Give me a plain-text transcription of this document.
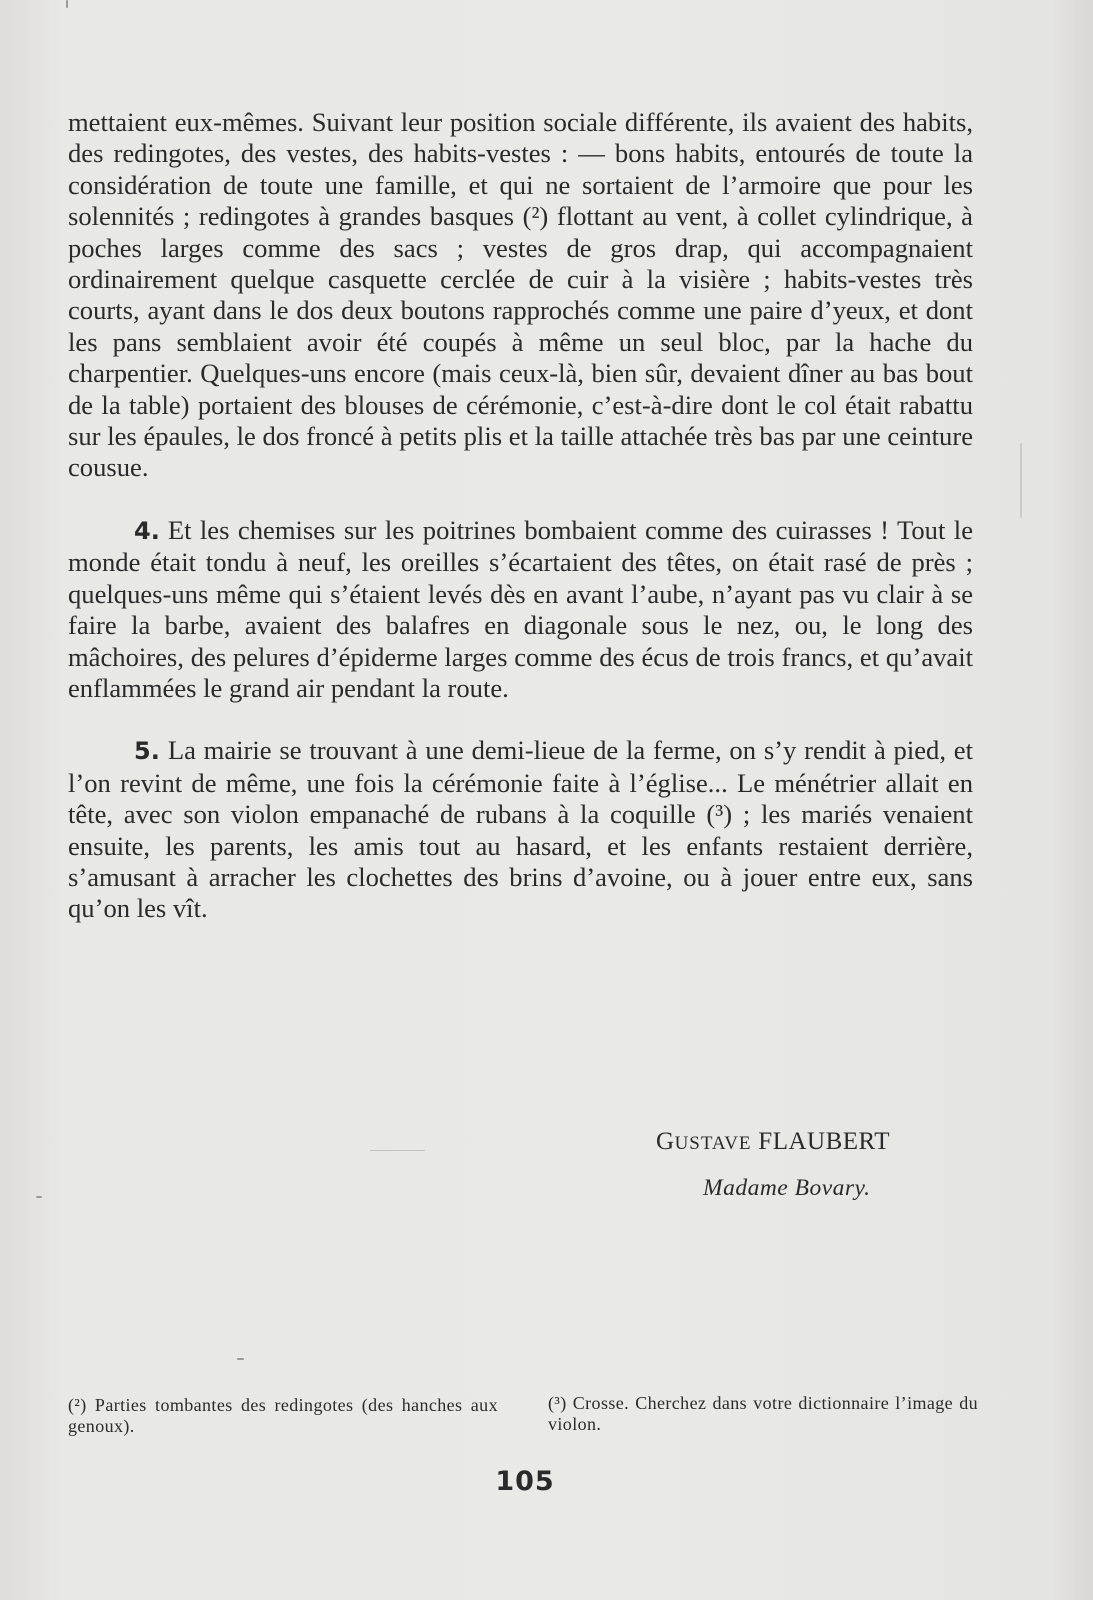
mettaient eux-mêmes. Suivant leur position sociale différente, ils avaient des habits, des redingotes, des vestes, des habits-vestes : — bons habits, entourés de toute la considération de toute une famille, et qui ne sortaient de l’armoire que pour les solennités ; redingotes à grandes basques (²) flottant au vent, à collet cylindrique, à poches larges comme des sacs ; vestes de gros drap, qui accompagnaient ordinairement quelque casquette cerclée de cuir à la visière ; habits-vestes très courts, ayant dans le dos deux boutons rapprochés comme une paire d’yeux, et dont les pans semblaient avoir été coupés à même un seul bloc, par la hache du charpentier. Quelques-uns encore (mais ceux-là, bien sûr, devaient dîner au bas bout de la table) portaient des blouses de cérémonie, c’est-à-dire dont le col était rabattu sur les épaules, le dos froncé à petits plis et la taille attachée très bas par une ceinture cousue.

4. Et les chemises sur les poitrines bombaient comme des cuirasses ! Tout le monde était tondu à neuf, les oreilles s’écartaient des têtes, on était rasé de près ; quelques-uns même qui s’étaient levés dès en avant l’aube, n’ayant pas vu clair à se faire la barbe, avaient des balafres en diagonale sous le nez, ou, le long des mâchoires, des pelures d’épiderme larges comme des écus de trois francs, et qu’avait enflammées le grand air pendant la route.

5. La mairie se trouvant à une demi-lieue de la ferme, on s’y rendit à pied, et l’on revint de même, une fois la cérémonie faite à l’église... Le ménétrier allait en tête, avec son violon empanaché de rubans à la coquille (³) ; les mariés venaient ensuite, les parents, les amis tout au hasard, et les enfants restaient derrière, s’amusant à arracher les clochettes des brins d’avoine, ou à jouer entre eux, sans qu’on les vît.

GUSTAVE FLAUBERT
Madame Bovary.
(²) Parties tombantes des redingotes (des hanches aux genoux).
(³) Crosse. Cherchez dans votre dictionnaire l’image du violon.
105
